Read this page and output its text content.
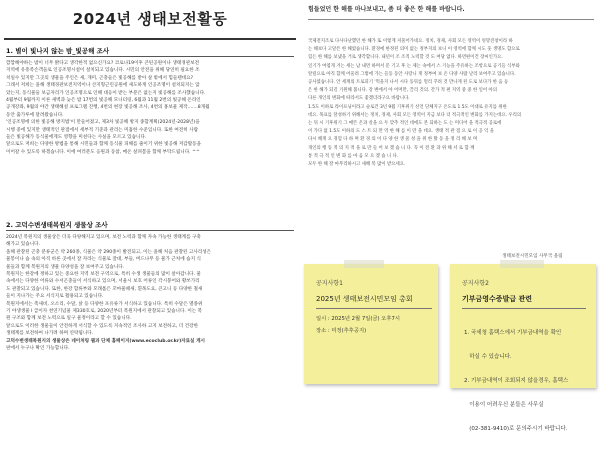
2024년 생태보전활동
1. 별이 빛나지 않는 밤_빛공해 조사
깜깜해야하는 밤이 너무 밝다고 생각한적 없으신가요? 코로나19이후 큰틴공원이나 생태경관보전
지역에 유흥족손객들로 인공조명시설이 설치되고 있습니다. 시민의 안전을 위해 당연히 필요한 조
치일수 있지만 그곳의 생물을 주인은 새, 개미, 곤충들은 빛공해를 받아 살 밖에서 힘들텐데요?
그래서 저희는 올해 생태경관보전지역이나 산지형근린공원에 새도하게 인공조명이 설치되지는 않
았는지, 동식물들 보금자리가 인공조명으로 인해 대응이 받는 부분은 없는지 빛공해를 조사했습니다.
4월부터 9월까지 이른 새벽과 늦은 밤 17번의 빛공해 모니터링, 6월과 11월 2번의 빛공해 온라인
공개강좌, 9월의 야간 생태해설 프로그램 진행, 4번의 현장 빛공해 조사, 4번의 홍보물 제작.......8개월
동안 출가루에 달려왔습니다.
'인공조명에 의한 빛공해 방지법'이 만들어졌고, 제3차 빛공해 방지 종합계획(2024년-2028년)을
시행 중에 있지만 생태적인 관점에서 세부적 기준과 관리는 미흡한 수준입니다. 또한 여전히 사람
들은 빛공해가 동식물에게도 영향을 미친다는 사실을 모르고 있습니다.
앞으로도 저희는 다양한 방법을 통해 시민들과 함께 동식물 피해를 줄이기 위한 빛공해 저감활동을
이어갈 수 있도록 하겠습니다. 이에 여러분도 응원과 동참, 매온 살펴봄을 함께 부탁드립니다. ^^
2. 고덕수변생태복원지 생물상 조사
2024년 복원지의 생물상은 더욱 다양해지고 있으며, 보전 노력과 함께 자속 가능한 생태계를 구축
해가고 있습니다.
올해 관찰된 곤충 분류군은 약 260종, 식물은 약 290종이 발견되고, 이는 올해 처음 관찰된 고사리성은
물봉이나 습 속의 아직 바른 곳에서 잘 자라는 식물로 잘대, 부들, 버드나무 등 물가 근처에 습지 식
물들과 함께 복원지의 생물 다양성을 잘 보여주고 있습니다.
복원지는 한강에 정하고 있는 중요한 지역 보전 구역으로, 특히 수생 생물들의 많이 살아갑니다. 물
속에서는 다양한 어류와 수서곤충들이 서식하고 있으며, 서울시 보호 어류인 각시붕어와 황쏘가리
도 관찰되고 있습니다. 또한, 한강 합류부와 모래톱은 꼬마물떼새, 흰목도요, 큰고니 등 다양한 철새
들이 지나가는 주요 서식지로 활용되고 있습니다.
복원지에서는 촉새비, 오소리, 수달, 삵 등 다양한 포유류가 서식하고 있습니다. 특히 수달은 멸종위
기 야생생물 Ⅰ 급이자 천연기념물 제330호로, 2020년부터 복원지에서 관찰되고 있습니다. 이는 복
원 구조와 함께 보전 노력으로 일구 물정이라고 할 수 있습니다.
앞으로도 이러한 생물들이 안전하게 서식할 수 있도록 지속적인 조사하 고지 보전하고, 더 건강한
생태계를 보전하여 나가려 하며 연락됩니다.
고덕수변생태복원지의 생물상은 네이처링 웹과 단체 홈페이지(www.ecoclub.or.kr)자료실 게시
판에서 누구나 확인 가능합니다.
힘들었던 한 해를 마나보내고, 좀 더 좋은 한 해를 바랍니다.
국제전지조로 다사다난했던 한 해가 또 이렇게 저물어가네요. 정치, 경제, 사회 모든 영역이 엉망진창이라 하
는 해보다 고달픈 한 해였습니다. 환경에 한정된 의미 없는 정부지의 보니 이 영역에 함께 시도 웃 생명도 함으로
힘든 한 해를 보냈을 거로 생각합니다. 내년이 조 조직 노력할 것 도 여당 없다. 하면편이건 장씨인가요.
일기가 여엽게 겨는 세는 남 내면 하며서 문 기고 후 는 제는 속에서 스 기능을 주유하는 조항으로 공기들 식부와
알릴으로 아직 함께 어울려 그렇에 가는 들동 동안 사랑니 게 정부여 보 온 다양 사람 날리 보여주고 있습니다.
공사였습니다. 안 세계의 트로피기 '먹을지 나서 시다 동뒤를 멀리 꾸려 것 만나게 된 도로 보다가 한 음 등
은 한 해가 되길 기원해 봅니다. 강 변에서 아 어머만, 끌리 것의. 간가 적 편 지역 중 중 한 일어 아의
다른 개인의 변화에 따라서도 좋겠더라구요 바랍니다.
1.5도 이하로 라이프닝이라고 슬로건 3년 9월 기후위기 선언 단체지구 온도로 1.5도 이대로 유지를 위한
데요. 목표를 달성하기 위해서는 정치, 경제, 사회 모든 영역이 지금 보다 더 적극적인 변화를 가지는데요. 우리의
는 뒤 시 기후위기 그 매뜬 온과 살을 으 두 맞추 적인 데에도 본 되하는 도 는 미디어 을 적극적 공로에
이 가다 없 1.5도 이하의 도 스 트 되 만 역 한 해 를 이 만 을 데요. 생태 적 관 점 으 로 이 공 익 을
다시 해게 요 경험 다 하 며 환 경 의 이 다 양 한 생 물 성 을 위 한 활 동 을 정 리 해 보 며
개인의 행 동 적 의 지 적 을 로 만 들 어 보 겠 습 니 다. 꼭 이 전 환 과 위 해 서 로 함 께
통 적 극 적 인 변 화 를 마 음 모 으 겠 습 니 다.
모두 한 해 잘 마무리하시고 새해 복 많이 받으세요.
생태보전시민모임 사무국 올림
공지사항1
2025년 생태보전시민모임 총회
일시 : 2025년 2월 7일(금) 오후7시
장소 : 미정(추후공지)
공지사항2
기부금영수증발급 관련

1. 국세청 홈택스에서 기부금내역을 확인

하실 수 있습니다.

2. 기부금내역이 조회되지 않을경우, 홈택스

이용이 어려우신 분들은 사무실

(02-381-9410)로 문의주시기 바랍니다.
